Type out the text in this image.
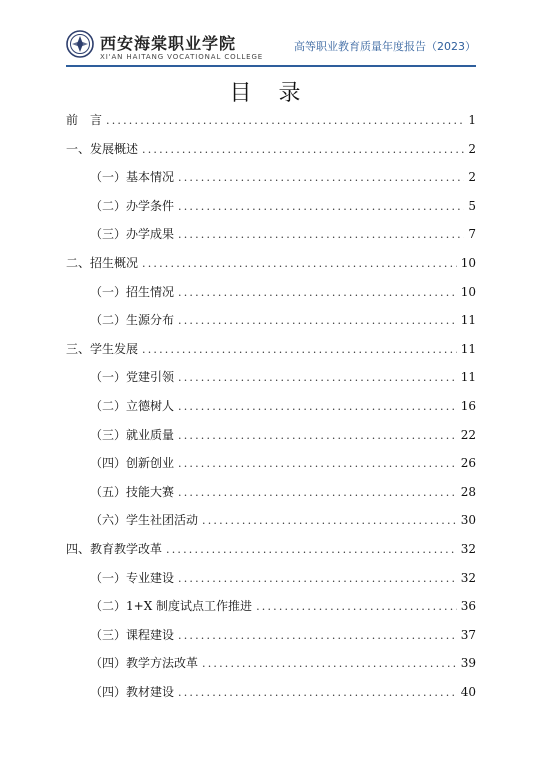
西安海棠职业学院
XI'AN HAITANG VOCATIONAL COLLEGE
高等职业教育质量年度报告（2023）
目 录
前　言 .....	1
一、发展概述 .....	2
（一）基本情况 .....	2
（二）办学条件 .....	5
（三）办学成果 .....	7
二、招生概况 .....	10
（一）招生情况 .....	10
（二）生源分布 .....	11
三、学生发展 .....	11
（一）党建引领 .....	11
（二）立德树人 .....	16
（三）就业质量 .....	22
（四）创新创业 .....	26
（五）技能大赛 .....	28
（六）学生社团活动 .....	30
四、教育教学改革 .....	32
（一）专业建设 .....	32
（二）1+X 制度试点工作推进 .....	36
（三）课程建设 .....	37
（四）教学方法改革 .....	39
（四）教材建设 .....	40
